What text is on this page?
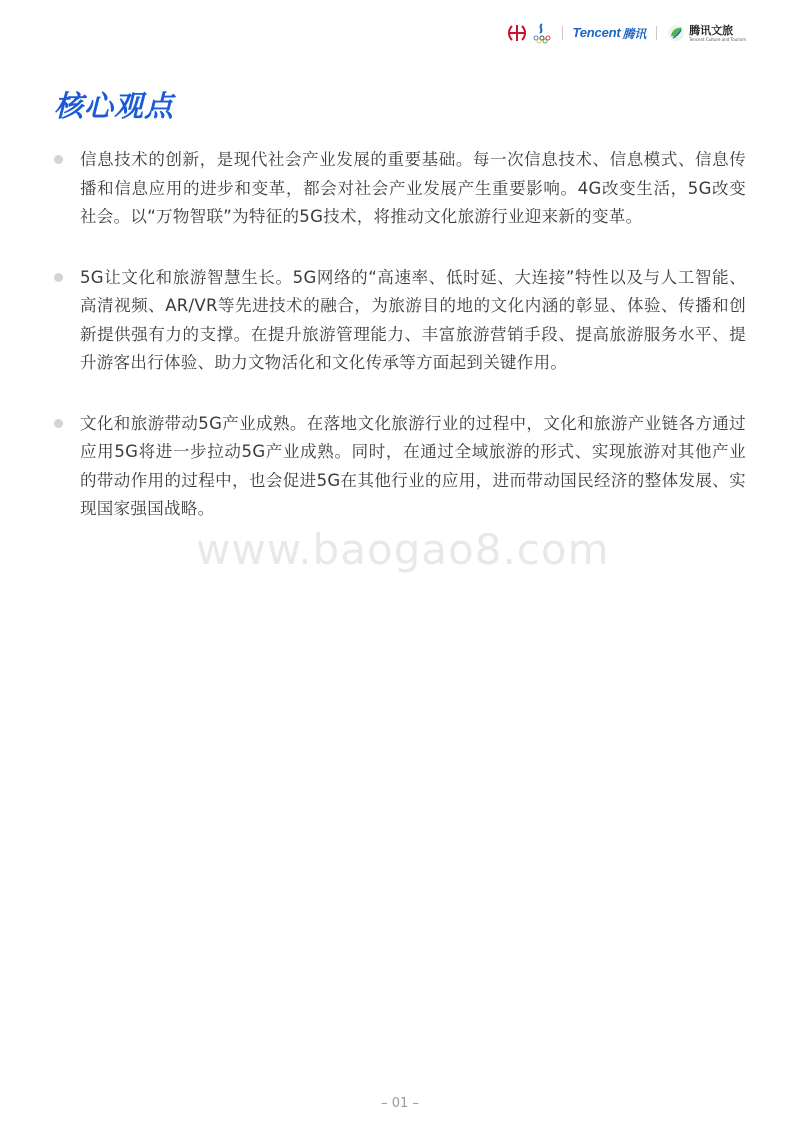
Tencent 腾讯	腾讯文旅
Tencent Culture and Tourism
核心观点
信息技术的创新，是现代社会产业发展的重要基础。每一次信息技术、信息模式、信息传播和信息应用的进步和变革，都会对社会产业发展产生重要影响。4G改变生活，5G改变社会。以“万物智联”为特征的5G技术，将推动文化旅游行业迎来新的变革。
5G让文化和旅游智慧生长。5G网络的“高速率、低时延、大连接”特性以及与人工智能、高清视频、AR/VR等先进技术的融合，为旅游目的地的文化内涵的彰显、体验、传播和创新提供强有力的支撑。在提升旅游管理能力、丰富旅游营销手段、提高旅游服务水平、提升游客出行体验、助力文物活化和文化传承等方面起到关键作用。
文化和旅游带动5G产业成熟。在落地文化旅游行业的过程中，文化和旅游产业链各方通过应用5G将进一步拉动5G产业成熟。同时，在通过全域旅游的形式、实现旅游对其他产业的带动作用的过程中，也会促进5G在其他行业的应用，进而带动国民经济的整体发展、实现国家强国战略。
www.baogao8.com
– 01 –
